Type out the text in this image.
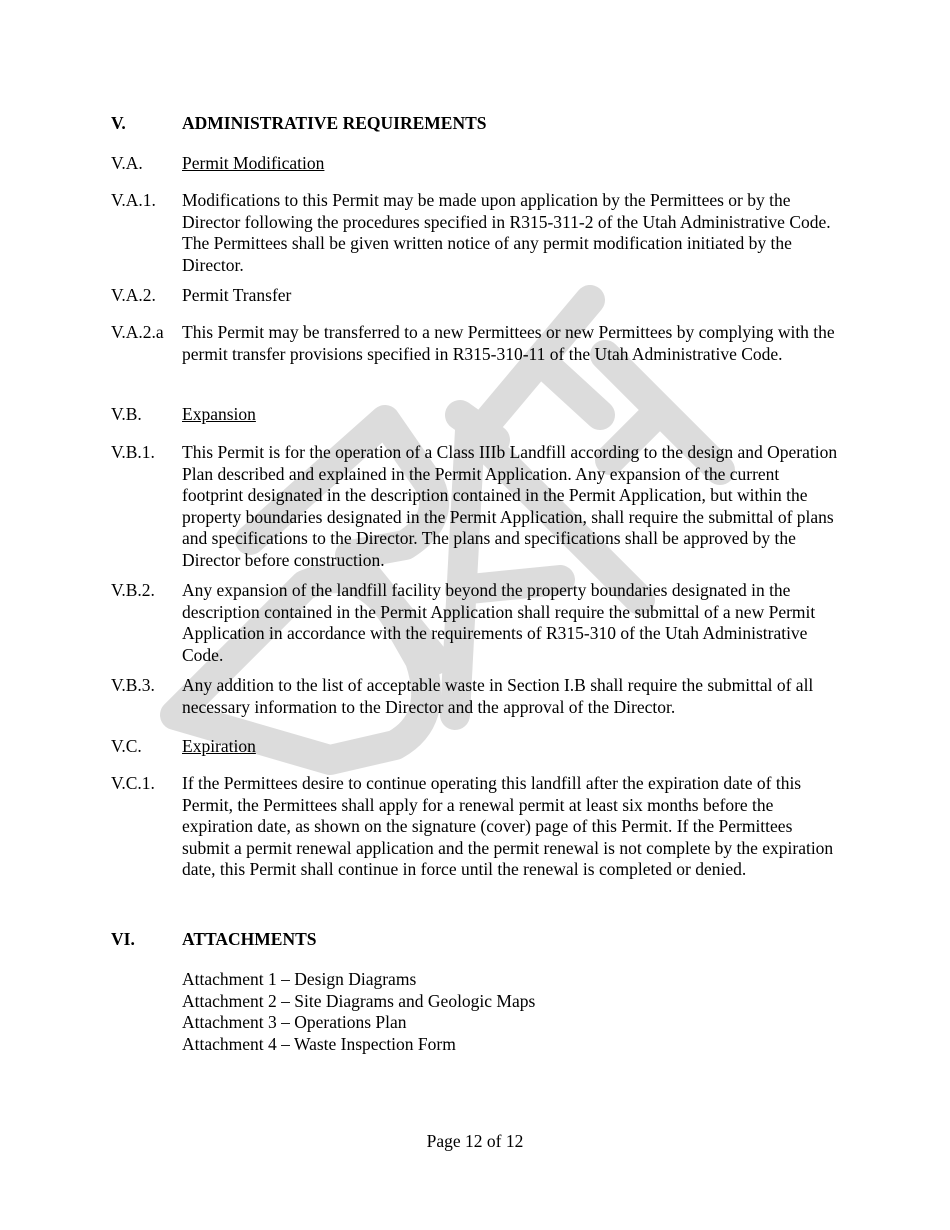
V.	ADMINISTRATIVE REQUIREMENTS
V.A.	Permit Modification
V.A.1.	Modifications to this Permit may be made upon application by the Permittees or by the Director following the procedures specified in R315-311-2 of the Utah Administrative Code. The Permittees shall be given written notice of any permit modification initiated by the Director.
V.A.2.	Permit Transfer
V.A.2.a	This Permit may be transferred to a new Permittees or new Permittees by complying with the permit transfer provisions specified in R315-310-11 of the Utah Administrative Code.
V.B.	Expansion
V.B.1.	This Permit is for the operation of a Class IIIb Landfill according to the design and Operation Plan described and explained in the Permit Application. Any expansion of the current footprint designated in the description contained in the Permit Application, but within the property boundaries designated in the Permit Application, shall require the submittal of plans and specifications to the Director. The plans and specifications shall be approved by the Director before construction.
V.B.2.	Any expansion of the landfill facility beyond the property boundaries designated in the description contained in the Permit Application shall require the submittal of a new Permit Application in accordance with the requirements of R315-310 of the Utah Administrative Code.
V.B.3.	Any addition to the list of acceptable waste in Section I.B shall require the submittal of all necessary information to the Director and the approval of the Director.
V.C.	Expiration
V.C.1.	If the Permittees desire to continue operating this landfill after the expiration date of this Permit, the Permittees shall apply for a renewal permit at least six months before the expiration date, as shown on the signature (cover) page of this Permit. If the Permittees submit a permit renewal application and the permit renewal is not complete by the expiration date, this Permit shall continue in force until the renewal is completed or denied.
VI.	ATTACHMENTS
Attachment 1 – Design Diagrams
Attachment 2 – Site Diagrams and Geologic Maps
Attachment 3 – Operations Plan
Attachment 4 – Waste Inspection Form
Page 12 of 12
